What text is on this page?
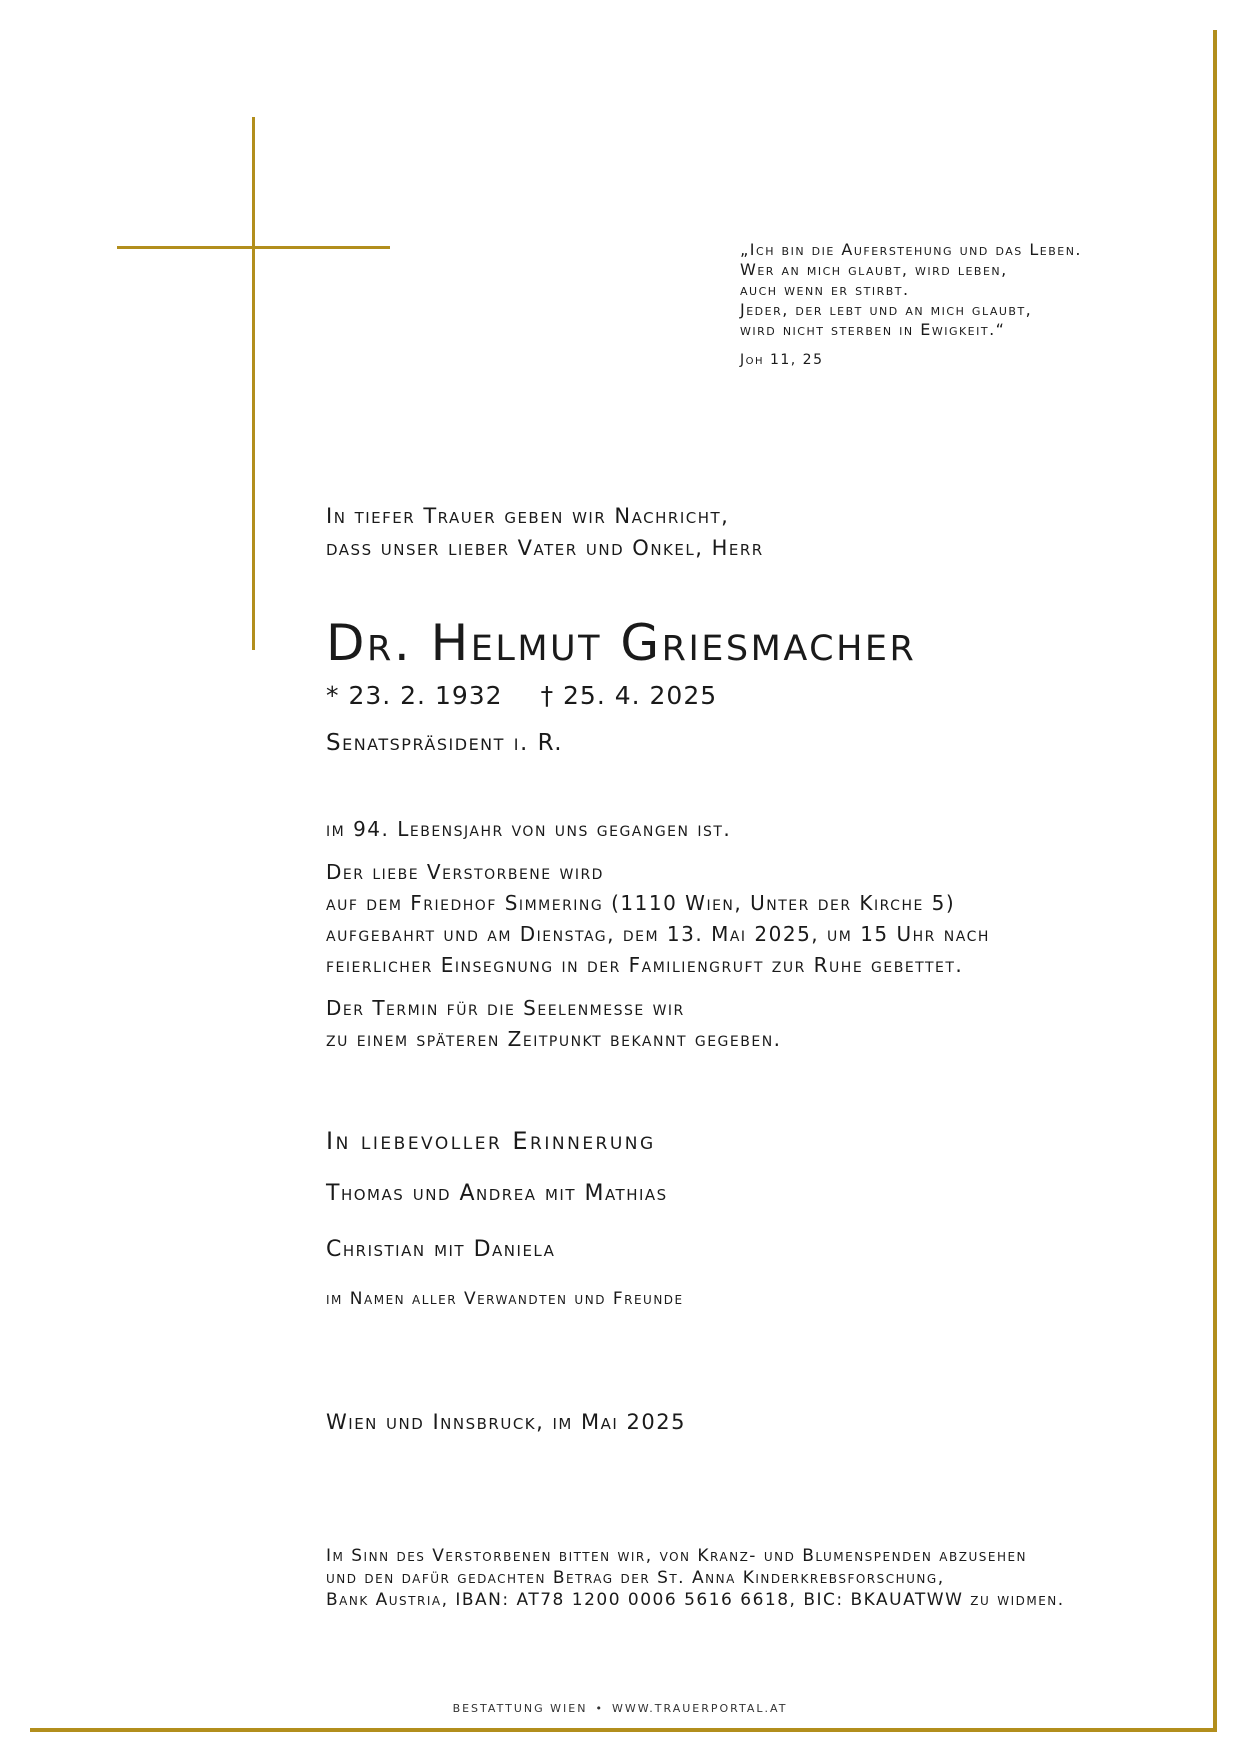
„Ich bin die Auferstehung und das Leben.
Wer an mich glaubt, wird leben,
auch wenn er stirbt.
Jeder, der lebt und an mich glaubt,
wird nicht sterben in Ewigkeit.“
Joh 11, 25
In tiefer Trauer geben wir Nachricht,
dass unser lieber Vater und Onkel, Herr
Dr. Helmut Griesmacher
* 23. 2. 1932 † 25. 4. 2025
Senatspräsident i. R.
im 94. Lebensjahr von uns gegangen ist.
Der liebe Verstorbene wird
auf dem Friedhof Simmering (1110 Wien, Unter der Kirche 5)
aufgebahrt und am Dienstag, dem 13. Mai 2025, um 15 Uhr nach
feierlicher Einsegnung in der Familiengruft zur Ruhe gebettet.
Der Termin für die Seelenmesse wir
zu einem späteren Zeitpunkt bekannt gegeben.
In liebevoller Erinnerung
Thomas und Andrea mit Mathias
Christian mit Daniela
im Namen aller Verwandten und Freunde
Wien und Innsbruck, im Mai 2025
Im Sinn des Verstorbenen bitten wir, von Kranz- und Blumenspenden abzusehen
und den dafür gedachten Betrag der St. Anna Kinderkrebsforschung,
Bank Austria, IBAN: AT78 1200 0006 5616 6618, BIC: BKAUATWW zu widmen.
BESTATTUNG WIEN • WWW.TRAUERPORTAL.AT
